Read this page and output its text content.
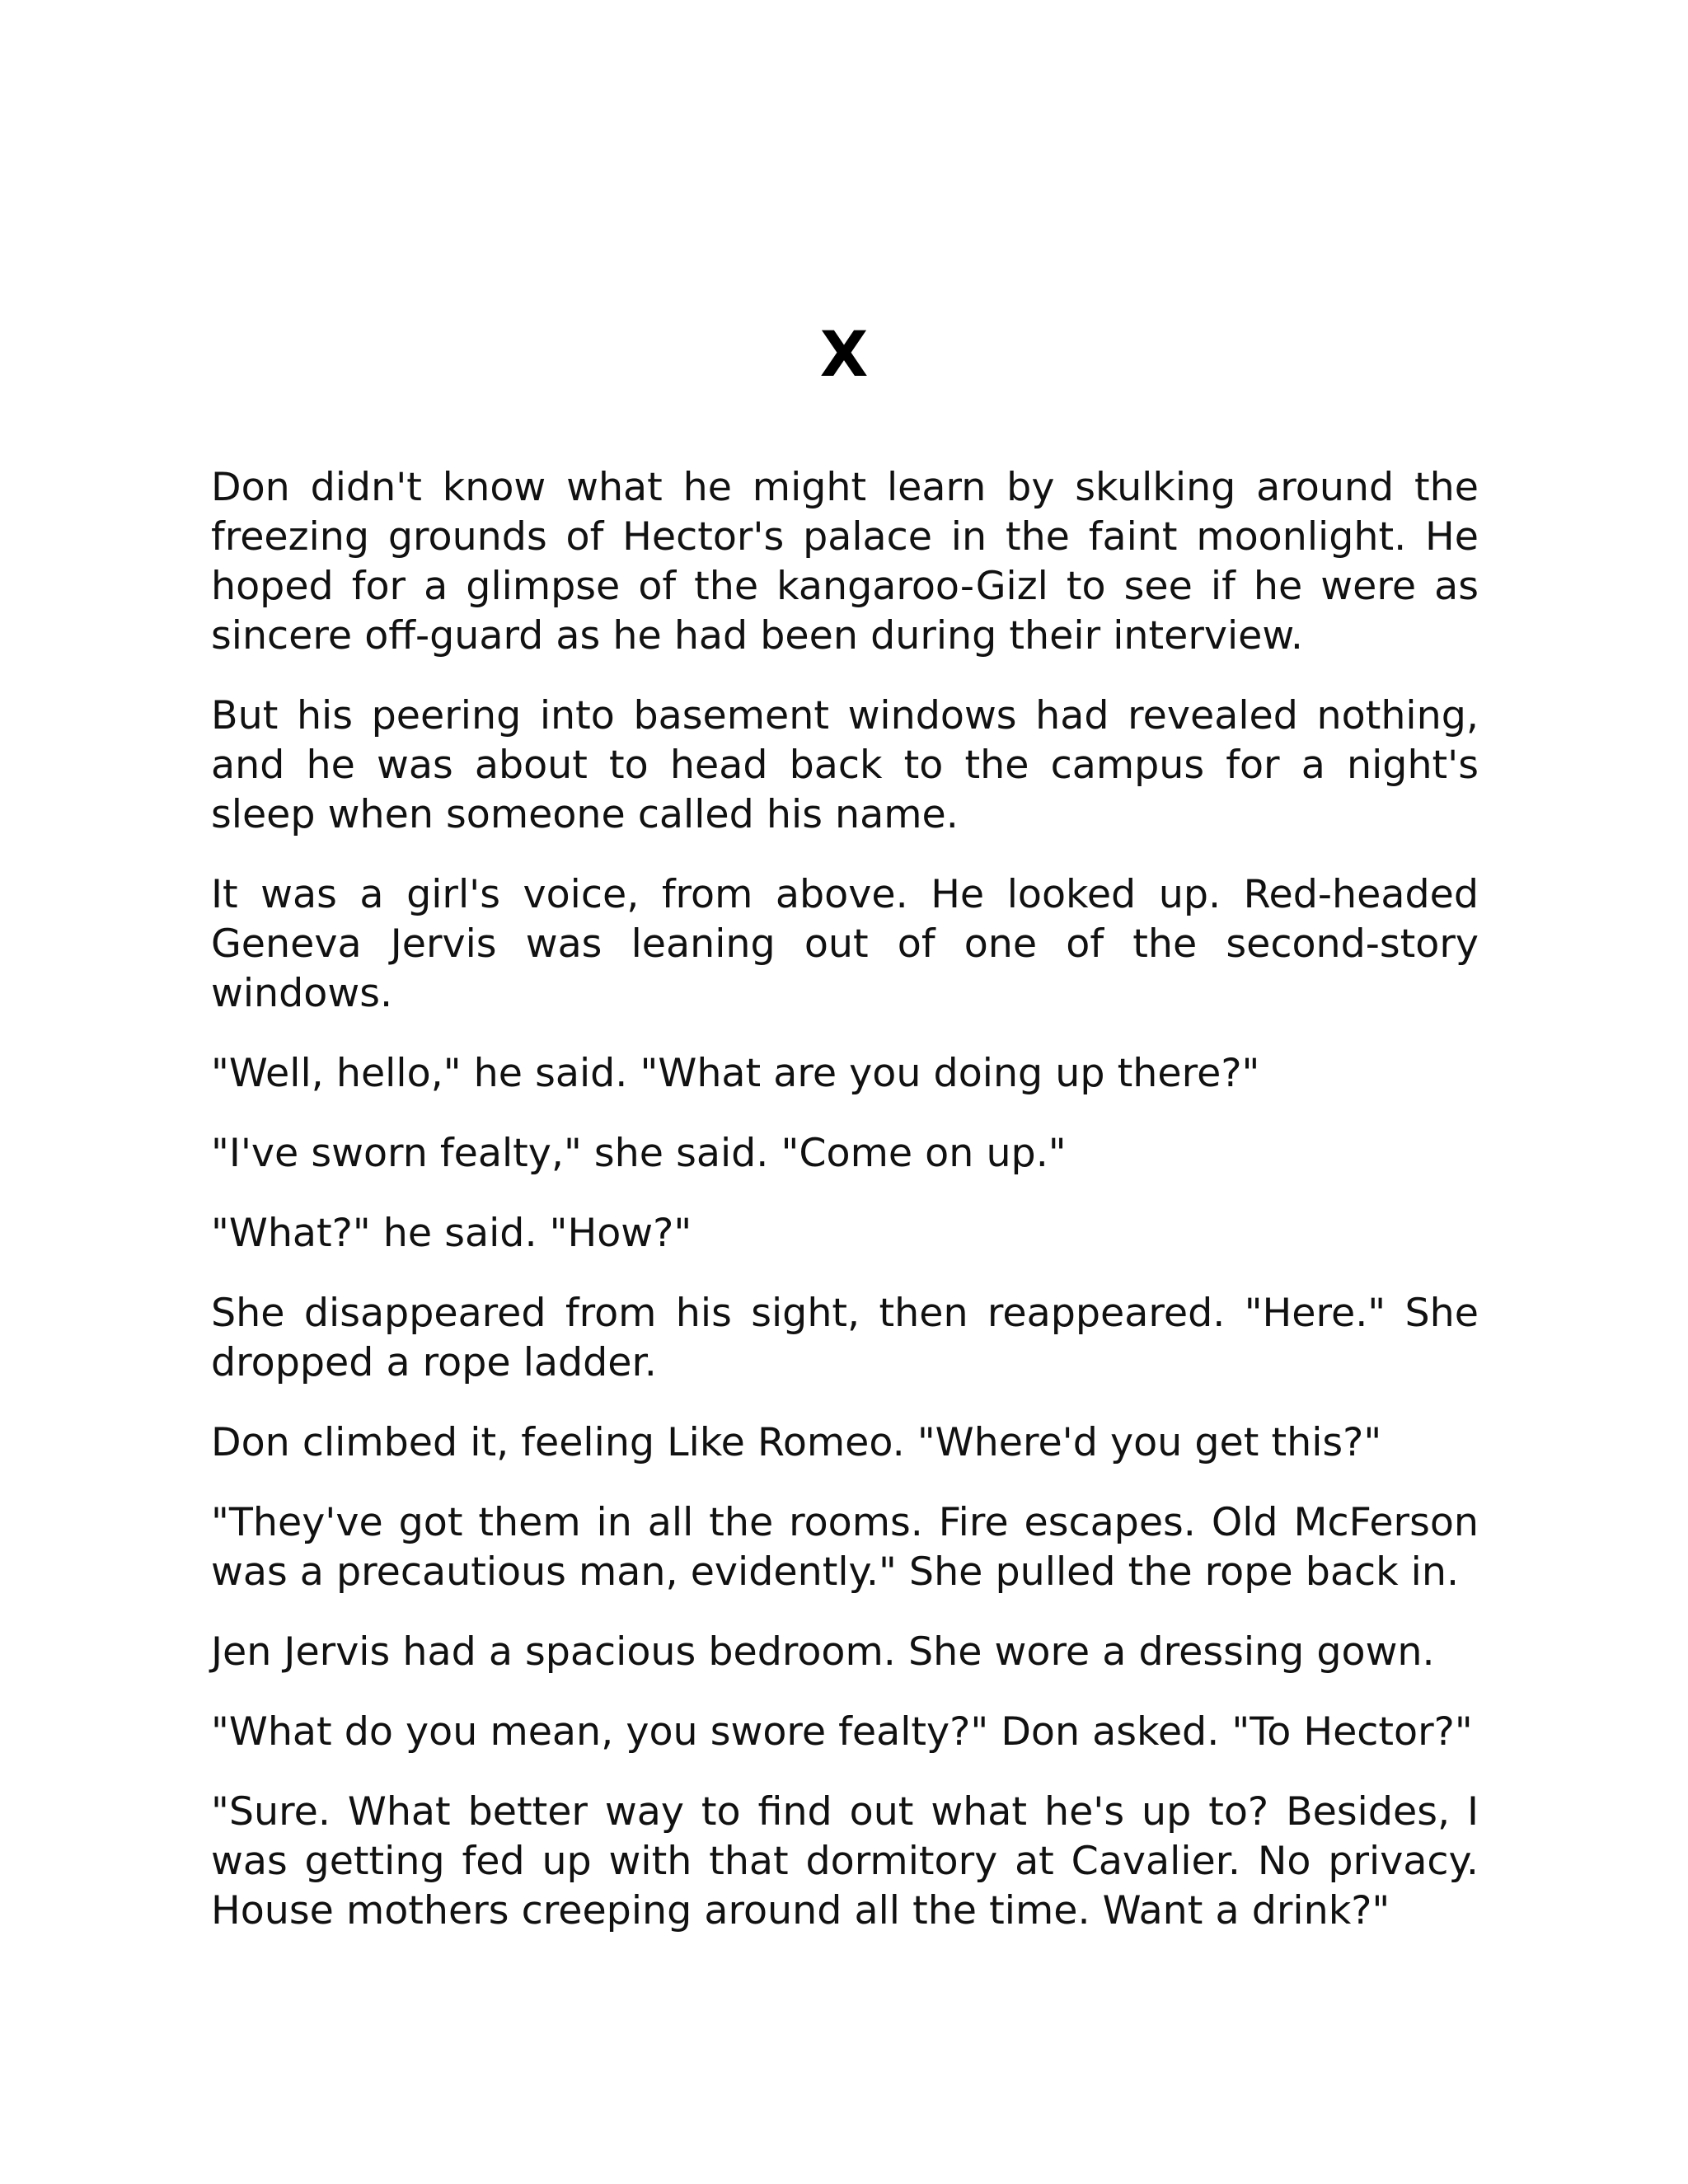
X

Don didn't know what he might learn by skulking around the freezing grounds of Hector's palace in the faint moonlight. He hoped for a glimpse of the kangaroo-Gizl to see if he were as sincere off-guard as he had been during their interview.

But his peering into basement windows had revealed nothing, and he was about to head back to the campus for a night's sleep when someone called his name.

It was a girl's voice, from above. He looked up. Red-headed Geneva Jervis was leaning out of one of the second-story windows.

"Well, hello," he said. "What are you doing up there?"

"I've sworn fealty," she said. "Come on up."

"What?" he said. "How?"

She disappeared from his sight, then reappeared. "Here." She dropped a rope ladder.

Don climbed it, feeling Like Romeo. "Where'd you get this?"

"They've got them in all the rooms. Fire escapes. Old McFerson was a precautious man, evidently." She pulled the rope back in.

Jen Jervis had a spacious bedroom. She wore a dressing gown.

"What do you mean, you swore fealty?" Don asked. "To Hector?"

"Sure. What better way to find out what he's up to? Besides, I was getting fed up with that dormitory at Cavalier. No privacy. House mothers creeping around all the time. Want a drink?"
